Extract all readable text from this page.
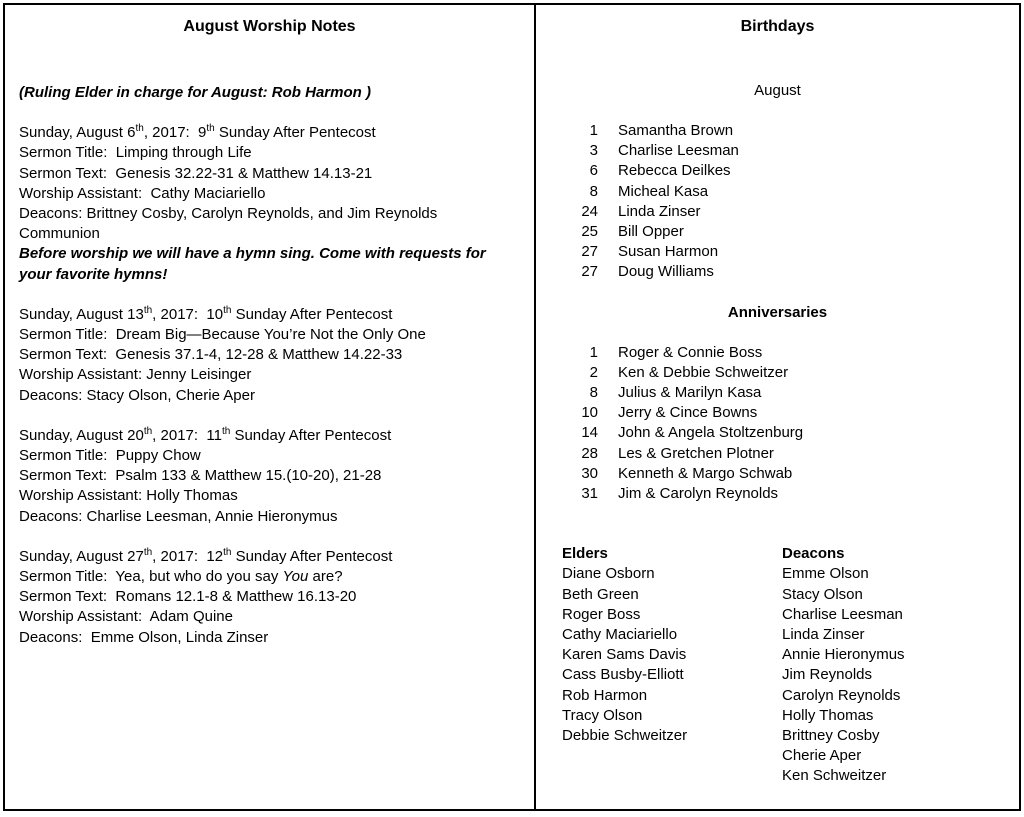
August Worship Notes
(Ruling Elder in charge for August: Rob Harmon )
Sunday, August 6th, 2017:  9th Sunday After Pentecost
Sermon Title:  Limping through Life
Sermon Text:  Genesis 32.22-31 & Matthew 14.13-21
Worship Assistant:  Cathy Maciariello
Deacons: Brittney Cosby, Carolyn Reynolds, and Jim Reynolds
Communion
Before worship we will have a hymn sing. Come with requests for your favorite hymns!
Sunday, August 13th, 2017:  10th Sunday After Pentecost
Sermon Title:  Dream Big—Because You’re Not the Only One
Sermon Text:  Genesis 37.1-4, 12-28 & Matthew 14.22-33
Worship Assistant: Jenny Leisinger
Deacons: Stacy Olson, Cherie Aper
Sunday, August 20th, 2017:  11th Sunday After Pentecost
Sermon Title:  Puppy Chow
Sermon Text:  Psalm 133 & Matthew 15.(10-20), 21-28
Worship Assistant: Holly Thomas
Deacons: Charlise Leesman, Annie Hieronymus
Sunday, August 27th, 2017:  12th Sunday After Pentecost
Sermon Title:  Yea, but who do you say You are?
Sermon Text:  Romans 12.1-8 & Matthew 16.13-20
Worship Assistant:  Adam Quine
Deacons:  Emme Olson, Linda Zinser
Birthdays
August
1 Samantha Brown
3 Charlise Leesman
6 Rebecca Deilkes
8 Micheal Kasa
24 Linda Zinser
25 Bill Opper
27 Susan Harmon
27 Doug Williams
Anniversaries
1 Roger & Connie Boss
2 Ken & Debbie Schweitzer
8 Julius & Marilyn Kasa
10 Jerry & Cince Bowns
14 John & Angela Stoltzenburg
28 Les & Gretchen Plotner
30 Kenneth & Margo Schwab
31 Jim & Carolyn Reynolds
Elders
Diane Osborn
Beth Green
Roger Boss
Cathy Maciariello
Karen Sams Davis
Cass Busby-Elliott
Rob Harmon
Tracy Olson
Debbie Schweitzer
Deacons
Emme Olson
Stacy Olson
Charlise Leesman
Linda Zinser
Annie Hieronymus
Jim Reynolds
Carolyn Reynolds
Holly Thomas
Brittney Cosby
Cherie Aper
Ken Schweitzer
